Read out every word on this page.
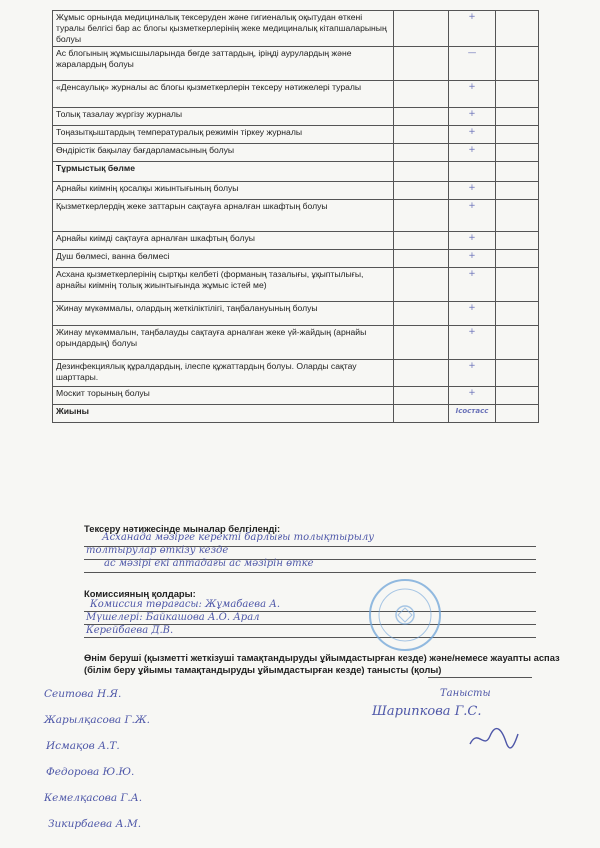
Жұмыс орнында медициналық тексеруден және гигиеналық оқытудан өткені туралы белгісі бар ас блогы қызметкерлерінің жеке медициналық кітапшаларының болуы		+	
Ас блогының жұмысшыларында бөгде заттардың, іріңді аурулардың және жаралардың болуы		—	
«Денсаулық» журналы ас блогы қызметкерлерін тексеру нәтижелері туралы		+	
Толық тазалау жүргізу журналы		+	
Тоңазытқыштардың температуралық режимін тіркеу журналы		+	
Өндірістік бақылау бағдарламасының болуы		+	
Тұрмыстық бөлме			
Арнайы киімнің қосалқы жиынтығының болуы		+	
Қызметкерлердің жеке заттарын сақтауға арналған шкафтың болуы		+	
Арнайы киімді сақтауға арналған шкафтың болуы		+	
Душ бөлмесі, ванна бөлмесі		+	
Асхана қызметкерлерінің сыртқы келбеті (форманың тазалығы, ұқыптылығы, арнайы киімнің толық жиынтығында жұмыс істей ме)		+	
Жинау мүкәммалы, олардың жеткіліктілігі, таңбалануының болуы		+	
Жинау мүкәммалын, таңбалауды сақтауға арналған жеке үй-жайдың (арнайы орындардың) болуы		+	
Дезинфекциялық құралдардың, ілеспе құжаттардың болуы. Оларды сақтау шарттары.		+	
Москит торының болуы		+	
Жиыны		Ісостасс	
Тексеру нәтижесінде мыналар белгіленді:
Асханада мәзірге керекті барлығы толықтырылу
толтырулар өткізу кезде
ас мәзірі екі аптадағы ас мәзірін өтке
Комиссияның қолдары:
Комиссия төрағасы: Жұмабаева А.
Мүшелері: Байкашова А.О. Арал
Керейбаева Д.В.
Өнім беруші (қызметті жеткізуші тамақтандыруды ұйымдастырған кезде) және/немесе жауапты аспаз (білім беру ұйымы тамақтандыруды ұйымдастырған кезде) танысты (қолы)
Танысты
Шарипкова Г.С.
Сеитова Н.Я.
Жарылқасова Г.Ж.
Исмақов А.Т.
Федорова Ю.Ю.
Кемелқасова Г.А.
Зикирбаева А.М.
